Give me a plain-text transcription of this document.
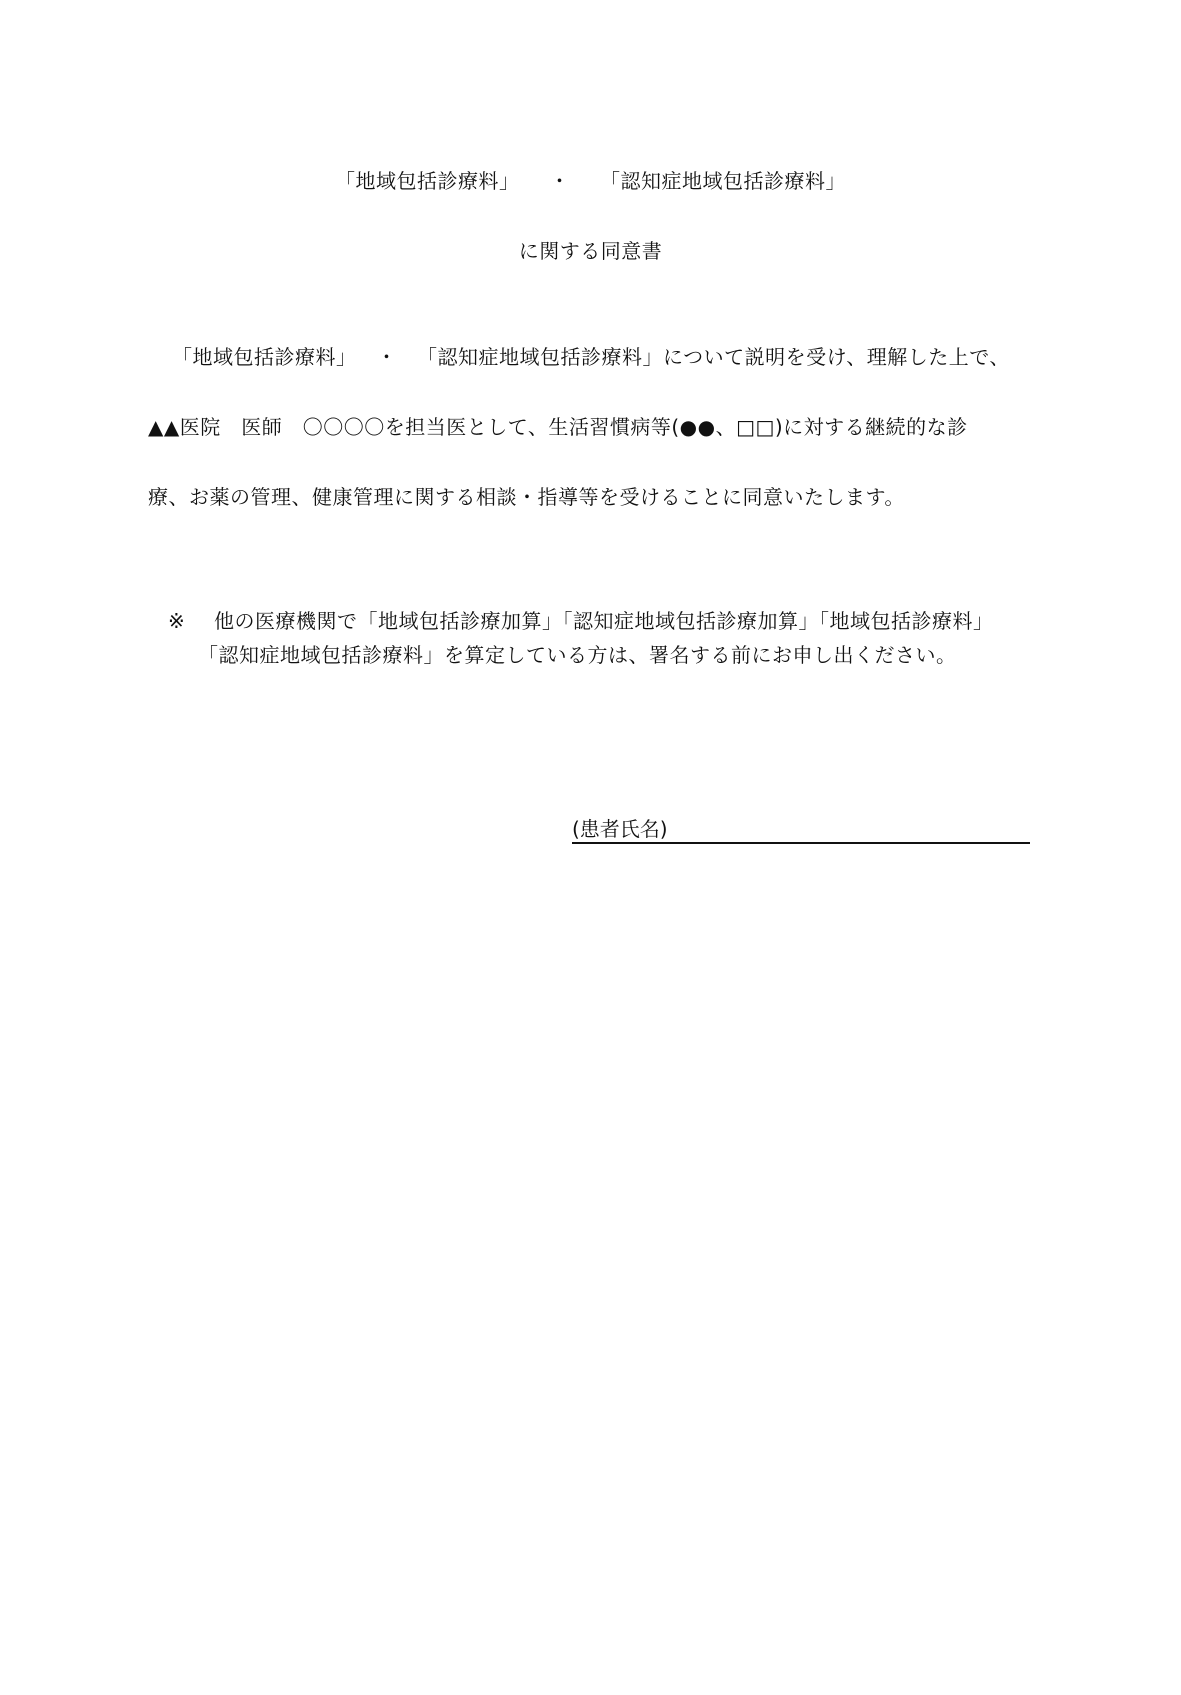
「地域包括診療料」 ・ 「認知症地域包括診療料」
に関する同意書
「地域包括診療料」 ・ 「認知症地域包括診療料」について説明を受け、理解した上で、
▲▲医院　医師　〇〇〇〇を担当医として、生活習慣病等(●●、□□)に対する継続的な診
療、お薬の管理、健康管理に関する相談・指導等を受けることに同意いたします。
※ 他の医療機関で「地域包括診療加算」「認知症地域包括診療加算」「地域包括診療料」
「認知症地域包括診療料」を算定している方は、署名する前にお申し出ください。
(患者氏名)
